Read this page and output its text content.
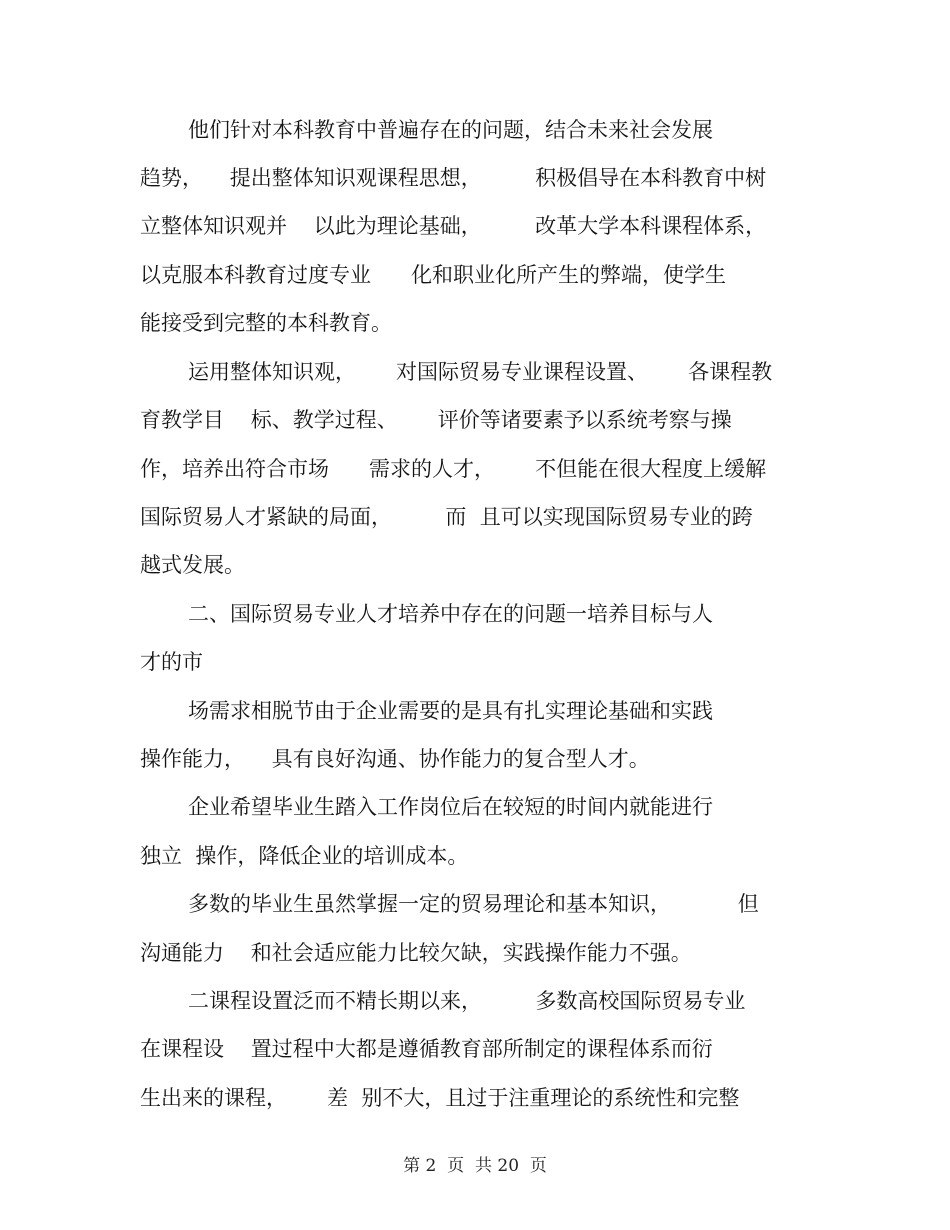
他们针对本科教育中普遍存在的问题，结合未来社会发展
趋势，    提出整体知识观课程思想，        积极倡导在本科教育中树
立整体知识观并    以此为理论基础，        改革大学本科课程体系，
以克服本科教育过度专业      化和职业化所产生的弊端，使学生
能接受到完整的本科教育。
运用整体知识观，      对国际贸易专业课程设置、      各课程教
育教学目    标、教学过程、      评价等诸要素予以系统考察与操
作，培养出符合市场      需求的人才，      不但能在很大程度上缓解
国际贸易人才紧缺的局面，        而  且可以实现国际贸易专业的跨
越式发展。
二、国际贸易专业人才培养中存在的问题一培养目标与人
才的市
场需求相脱节由于企业需要的是具有扎实理论基础和实践
操作能力，    具有良好沟通、协作能力的复合型人才。
企业希望毕业生踏入工作岗位后在较短的时间内就能进行
独立  操作，降低企业的培训成本。
多数的毕业生虽然掌握一定的贸易理论和基本知识，          但
沟通能力    和社会适应能力比较欠缺，实践操作能力不强。
二课程设置泛而不精长期以来，        多数高校国际贸易专业
在课程设    置过程中大都是遵循教育部所制定的课程体系而衍
生出来的课程，      差  别不大，且过于注重理论的系统性和完整
第 2  页  共 20  页
